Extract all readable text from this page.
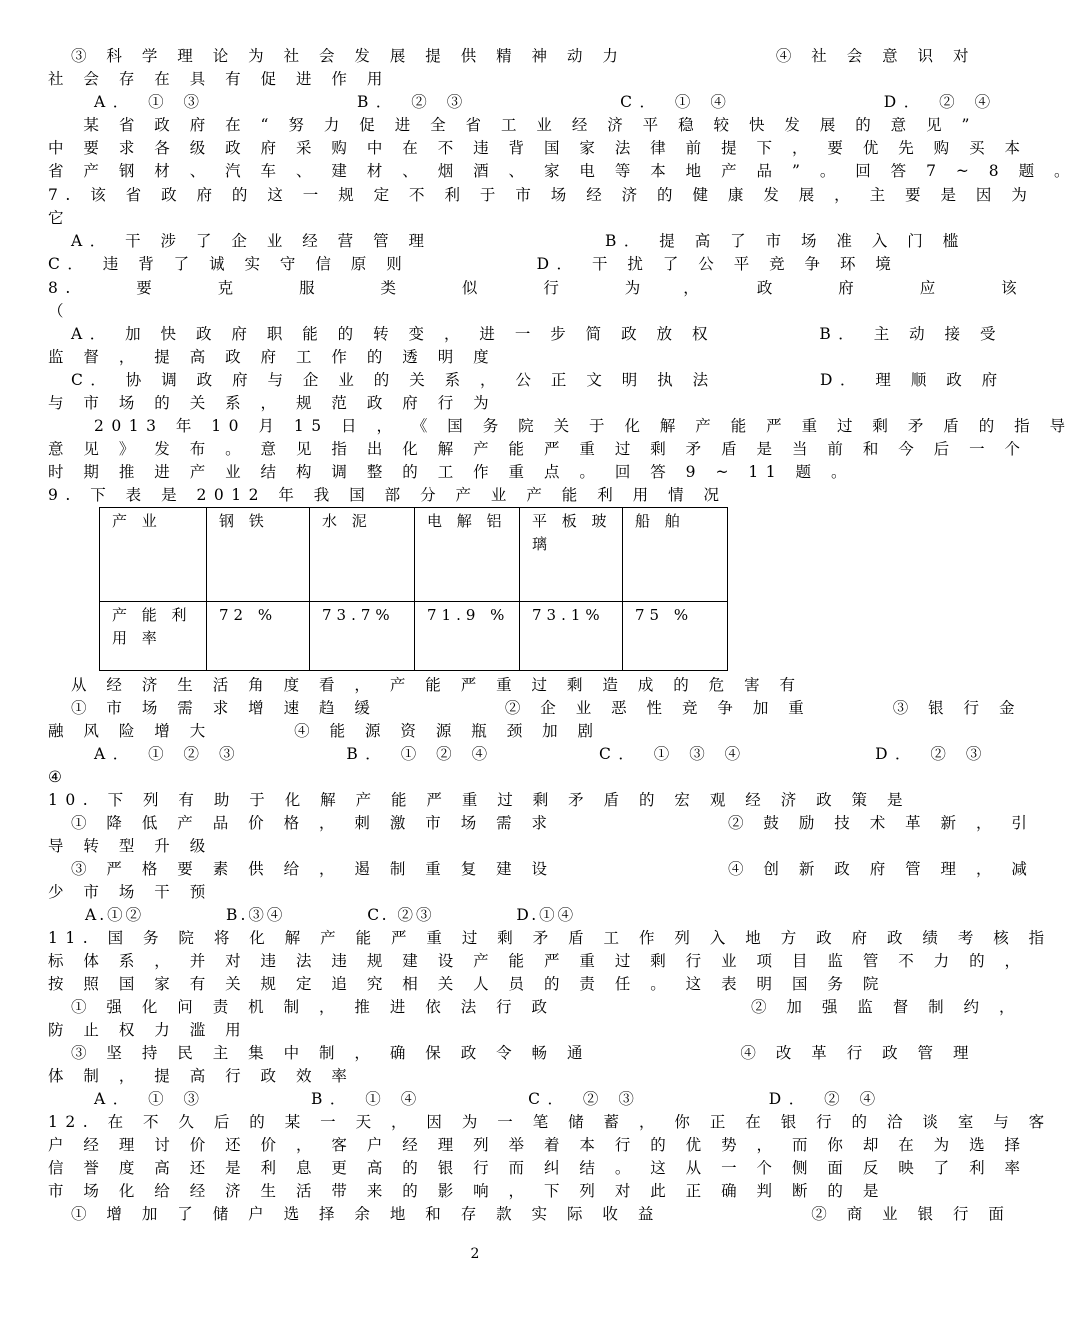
　③ 科 学 理 论 为 社 会 发 展 提 供 精 神 动 力　　　　　　 ④ 社 会 意 识 对
社 会 存 在 具 有 促 进 作 用
　　A． ① ③　　　　　　 B． ② ③　　　　　　 C． ① ④　　　　　　 D． ② ④
　 某 省 政 府 在 “ 努 力 促 进 全 省 工 业 经 济 平 稳 较 快 发 展 的 意 见 ”
中 要 求 各 级 政 府 采 购 中 在 不 违 背 国 家 法 律 前 提 下 ， 要 优 先 购 买 本
省 产 钢 材 、 汽 车 、 建 材 、 烟 酒 、 家 电 等 本 地 产 品 ” 。 回 答 7 ~ 8 题 。
7. 该 省 政 府 的 这 一 规 定 不 利 于 市 场 经 济 的 健 康 发 展 ， 主 要 是 因 为
它
　A． 干 涉 了 企 业 经 营 管 理　　　　　　　 B． 提 高 了 市 场 准 入 门 槛
C． 违 背 了 诚 实 守 信 原 则　　　　　 D． 干 扰 了 公 平 竞 争 环 境
8.　　 要　　 克　　 服　　 类　　 似　　 行　　 为　 ，　　 政　　 府　　 应　　 该
（
　A． 加 快 政 府 职 能 的 转 变 ， 进 一 步 简 政 放 权　　　　 B． 主 动 接 受
监 督 ， 提 高 政 府 工 作 的 透 明 度
　C． 协 调 政 府 与 企 业 的 关 系 ， 公 正 文 明 执 法　　　　 D． 理 顺 政 府
与 市 场 的 关 系 ， 规 范 政 府 行 为
　　2013 年 10 月 15 日 ， 《 国 务 院 关 于 化 解 产 能 严 重 过 剩 矛 盾 的 指 导
意 见 》 发 布 。 意 见 指 出 化 解 产 能 严 重 过 剩 矛 盾 是 当 前 和 今 后 一 个
时 期 推 进 产 业 结 构 调 整 的 工 作 重 点 。 回 答 9 ~ 11 题 。
9. 下 表 是 2012 年 我 国 部 分 产 业 产 能 利 用 情 况
产 业	钢 铁	水 泥	电 解 铝	平 板 玻 璃	船 舶
产 能 利 用 率	72 %	73.7%	71.9 %	73.1%	75 %
　从 经 济 生 活 角 度 看 ， 产 能 严 重 过 剩 造 成 的 危 害 有
　① 市 场 需 求 增 速 趋 缓　　　　　 ② 企 业 恶 性 竞 争 加 重　　　 ③ 银 行 金
融 风 险 增 大　　　 ④ 能 源 资 源 瓶 颈 加 剧
　　A． ① ② ③　　　　 B． ① ② ④　　　　 C． ① ③ ④　　　　　 D． ② ③
④
10. 下 列 有 助 于 化 解 产 能 严 重 过 剩 矛 盾 的 宏 观 经 济 政 策 是
　① 降 低 产 品 价 格 ， 刺 激 市 场 需 求　　　　　　　 ② 鼓 励 技 术 革 新 ， 引
导 转 型 升 级
　③ 严 格 要 素 供 给 ， 遏 制 重 复 建 设　　　　　　　 ④ 创 新 政 府 管 理 ， 减
少 市 场 干 预
　　A.①②　　　　 B.③④　　　　 C. ②③　　　　 D.①④
11. 国 务 院 将 化 解 产 能 严 重 过 剩 矛 盾 工 作 列 入 地 方 政 府 政 绩 考 核 指
标 体 系 ， 并 对 违 法 违 规 建 设 产 能 严 重 过 剩 行 业 项 目 监 管 不 力 的 ，
按 照 国 家 有 关 规 定 追 究 相 关 人 员 的 责 任 。 这 表 明 国 务 院
　① 强 化 问 责 机 制 ， 推 进 依 法 行 政　　　　　　　　 ② 加 强 监 督 制 约 ，
防 止 权 力 滥 用
　③ 坚 持 民 主 集 中 制 ， 确 保 政 令 畅 通　　　　　　 ④ 改 革 行 政 管 理
体 制 ， 提 高 行 政 效 率
　　A． ① ③　　　　 B． ① ④　　　　 C． ② ③　　　　　 D． ② ④
12. 在 不 久 后 的 某 一 天 ， 因 为 一 笔 储 蓄 ， 你 正 在 银 行 的 洽 谈 室 与 客
户 经 理 讨 价 还 价 ， 客 户 经 理 列 举 着 本 行 的 优 势 ， 而 你 却 在 为 选 择
信 誉 度 高 还 是 利 息 更 高 的 银 行 而 纠 结 。 这 从 一 个 侧 面 反 映 了 利 率
市 场 化 给 经 济 生 活 带 来 的 影 响 ， 下 列 对 此 正 确 判 断 的 是
　① 增 加 了 储 户 选 择 余 地 和 存 款 实 际 收 益　　　　　　 ② 商 业 银 行 面
2
